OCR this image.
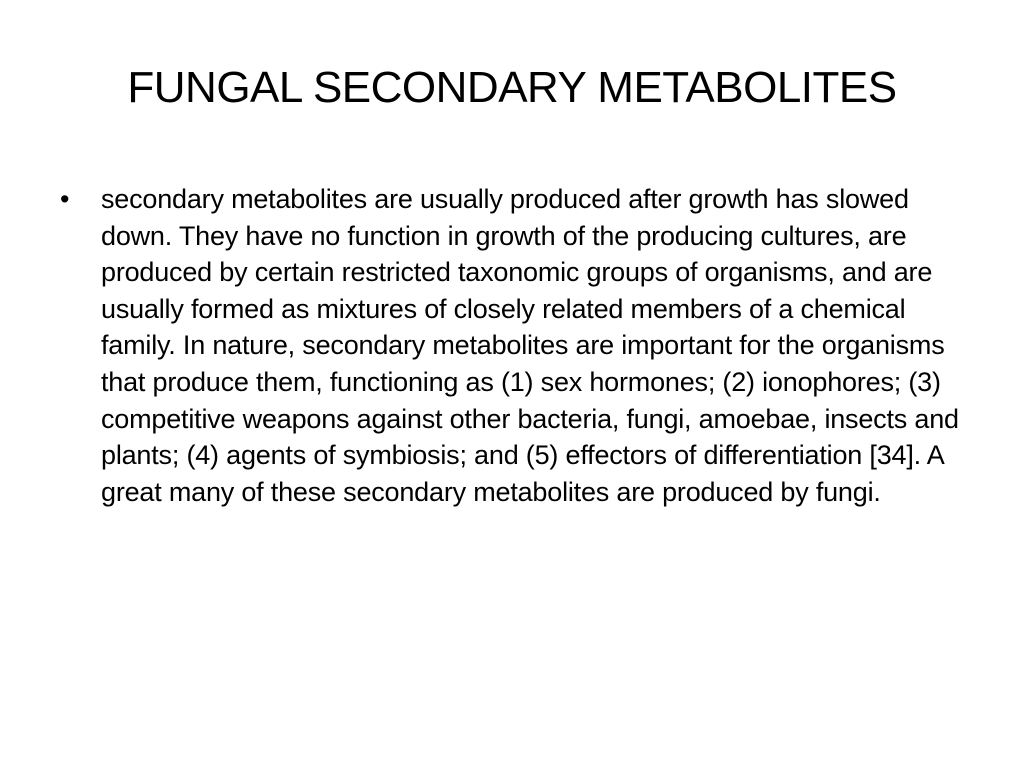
FUNGAL SECONDARY METABOLITES
•	secondary metabolites are usually produced after growth has slowed down. They have no function in growth of the producing cultures, are produced by certain restricted taxonomic groups of organisms, and are usually formed as mixtures of closely related members of a chemical family. In nature, secondary metabolites are important for the organisms that produce them, functioning as (1) sex hormones; (2) ionophores; (3) competitive weapons against other bacteria, fungi, amoebae, insects and plants; (4) agents of symbiosis; and (5) effectors of differentiation [34]. A great many of these secondary metabolites are produced by fungi.
